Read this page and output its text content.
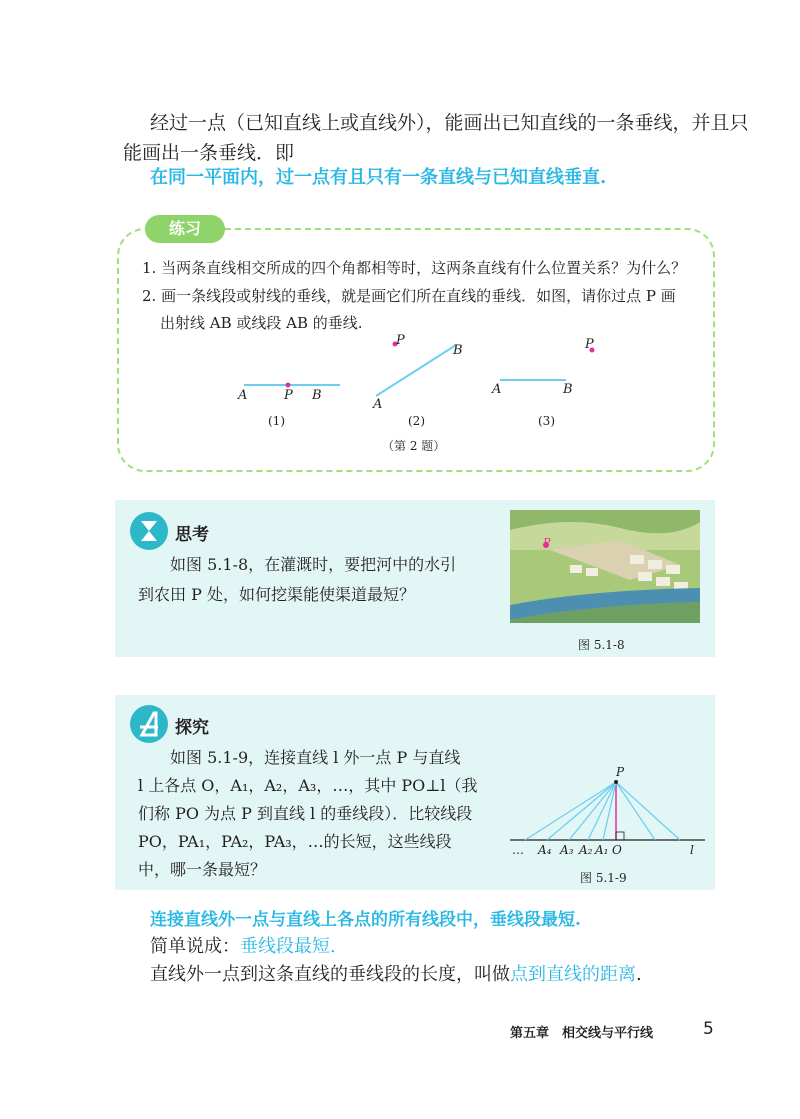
经过一点（已知直线上或直线外），能画出已知直线的一条垂线，并且只
能画出一条垂线．即
在同一平面内，过一点有且只有一条直线与已知直线垂直.
练习
1. 当两条直线相交所成的四个角都相等时，这两条直线有什么位置关系？为什么？
2. 画一条线段或射线的垂线，就是画它们所在直线的垂线．如图，请你过点 P 画
出射线 AB 或线段 AB 的垂线.
A	P B
(1)
P
B
A
(2)
P
A	B
(3)
（第 2 题）
思考
如图 5.1-8，在灌溉时，要把河中的水引
到农田 P 处，如何挖渠能使渠道最短？
P
图 5.1-8
探究
如图 5.1-9，连接直线 l 外一点 P 与直线
l 上各点 O，A₁，A₂，A₃，…，其中 PO⊥l（我
们称 PO 为点 P 到直线 l 的垂线段）．比较线段
PO，PA₁，PA₂，PA₃，…的长短，这些线段
中，哪一条最短？
P
… A₄ A₃ A₂ A₁ O	l
图 5.1-9
连接直线外一点与直线上各点的所有线段中，垂线段最短.
简单说成：垂线段最短.
直线外一点到这条直线的垂线段的长度，叫做点到直线的距离.
第五章　相交线与平行线	5
